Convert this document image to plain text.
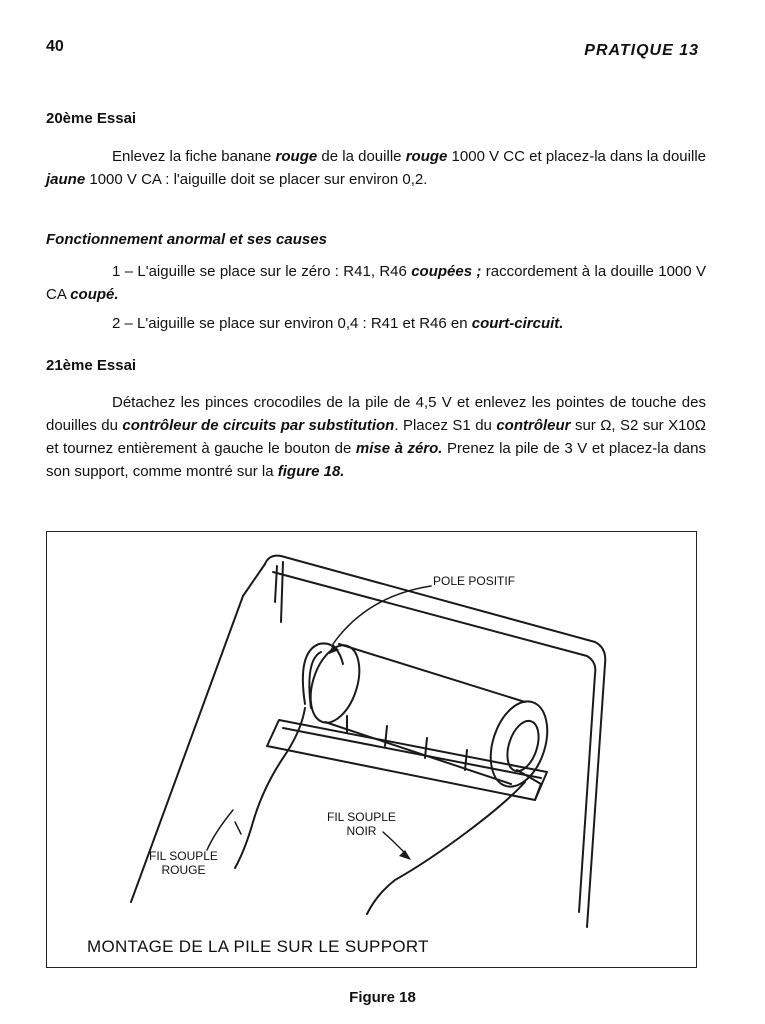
40	PRATIQUE 13
20ème Essai
Enlevez la fiche banane rouge de la douille rouge 1000 V CC et placez-la dans la douille jaune 1000 V CA : l'aiguille doit se placer sur environ 0,2.
Fonctionnement anormal et ses causes
1 – L'aiguille se place sur le zéro : R41, R46 coupées ; raccordement à la douille 1000 V CA coupé.
2 – L'aiguille se place sur environ 0,4 : R41 et R46 en court-circuit.
21ème Essai
Détachez les pinces crocodiles de la pile de 4,5 V et enlevez les pointes de touche des douilles du contrôleur de circuits par substitution. Placez S1 du contrôleur sur Ω, S2 sur X10Ω et tournez entièrement à gauche le bouton de mise à zéro. Prenez la pile de 3 V et placez-la dans son support, comme montré sur la figure 18.
POLE POSITIF
FIL SOUPLE
NOIR
FIL SOUPLE
ROUGE
MONTAGE DE LA PILE SUR LE SUPPORT
Figure 18
